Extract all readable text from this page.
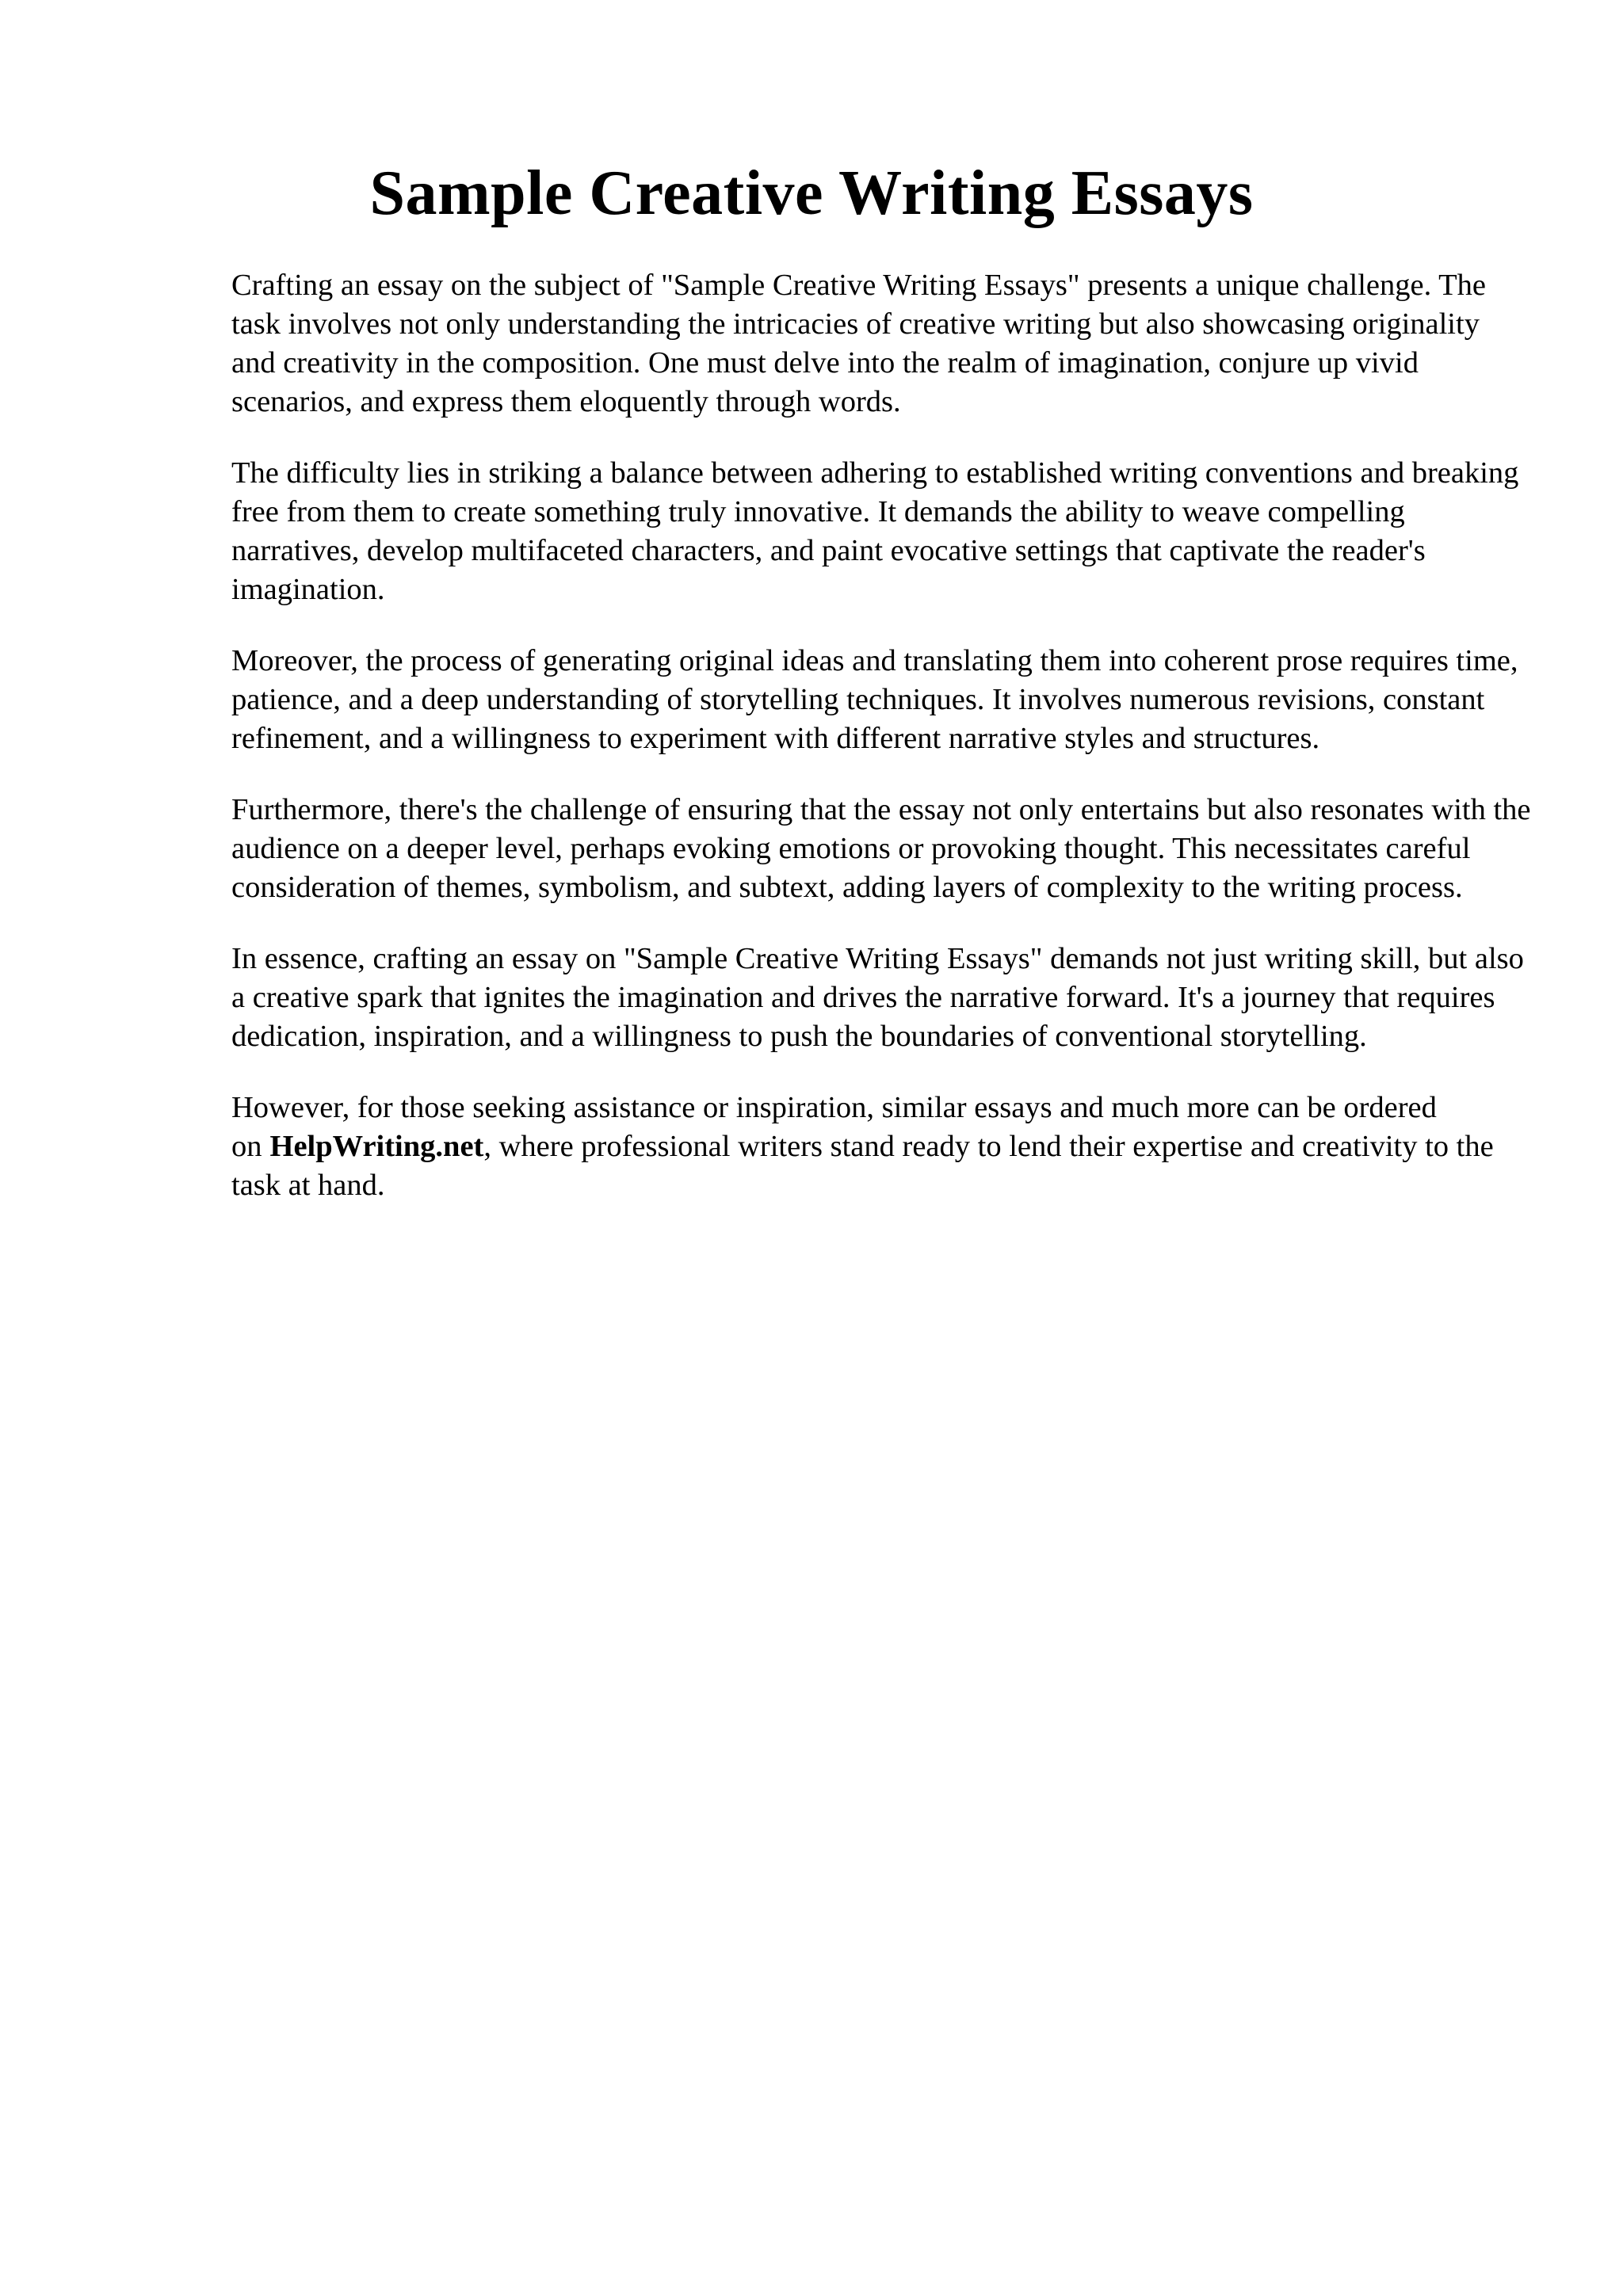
Sample Creative Writing Essays

Crafting an essay on the subject of "Sample Creative Writing Essays" presents a unique challenge. The task involves not only understanding the intricacies of creative writing but also showcasing originality and creativity in the composition. One must delve into the realm of imagination, conjure up vivid scenarios, and express them eloquently through words.

The difficulty lies in striking a balance between adhering to established writing conventions and breaking free from them to create something truly innovative. It demands the ability to weave compelling narratives, develop multifaceted characters, and paint evocative settings that captivate the reader's imagination.

Moreover, the process of generating original ideas and translating them into coherent prose requires time, patience, and a deep understanding of storytelling techniques. It involves numerous revisions, constant refinement, and a willingness to experiment with different narrative styles and structures.

Furthermore, there's the challenge of ensuring that the essay not only entertains but also resonates with the audience on a deeper level, perhaps evoking emotions or provoking thought. This necessitates careful consideration of themes, symbolism, and subtext, adding layers of complexity to the writing process.

In essence, crafting an essay on "Sample Creative Writing Essays" demands not just writing skill, but also a creative spark that ignites the imagination and drives the narrative forward. It's a journey that requires dedication, inspiration, and a willingness to push the boundaries of conventional storytelling.

However, for those seeking assistance or inspiration, similar essays and much more can be ordered on HelpWriting.net, where professional writers stand ready to lend their expertise and creativity to the task at hand.
